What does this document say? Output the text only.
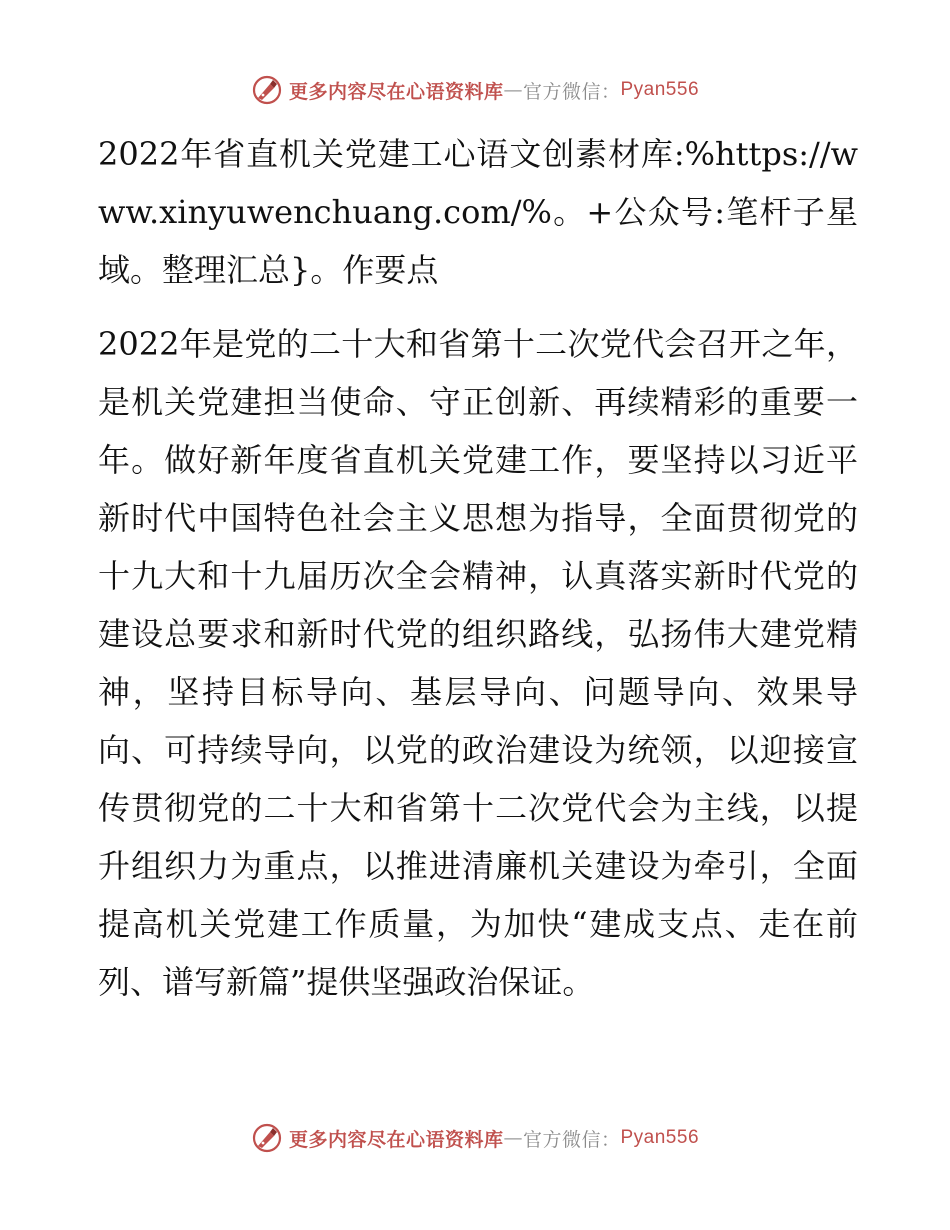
更多内容尽在心语资料库 — 官方微信： Pyan556

2022年省直机关党建工心语文创素材库:%https://www.xinyuwenchuang.com/%。+公众号:笔杆子星域。整理汇总}。作要点

2022年是党的二十大和省第十二次党代会召开之年，是机关党建担当使命、守正创新、再续精彩的重要一年。做好新年度省直机关党建工作，要坚持以习近平新时代中国特色社会主义思想为指导，全面贯彻党的十九大和十九届历次全会精神，认真落实新时代党的建设总要求和新时代党的组织路线，弘扬伟大建党精神，坚持目标导向、基层导向、问题导向、效果导向、可持续导向，以党的政治建设为统领，以迎接宣传贯彻党的二十大和省第十二次党代会为主线，以提升组织力为重点，以推进清廉机关建设为牵引，全面提高机关党建工作质量，为加快“建成支点、走在前列、谱写新篇”提供坚强政治保证。

更多内容尽在心语资料库 — 官方微信： Pyan556
